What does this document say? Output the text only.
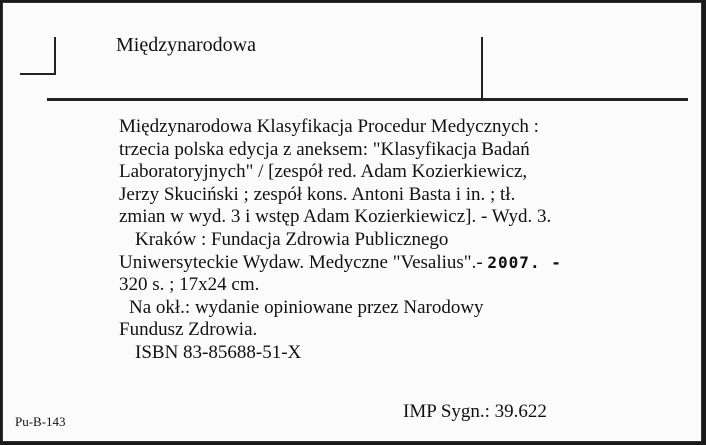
Międzynarodowa
Międzynarodowa Klasyfikacja Procedur Medycznych :
trzecia polska edycja z aneksem: "Klasyfikacja Badań
Laboratoryjnych" / [zespół red. Adam Kozierkiewicz,
Jerzy Skuciński ; zespół kons. Antoni Basta i in. ; tł.
zmian w wyd. 3 i wstęp Adam Kozierkiewicz]. - Wyd. 3.
Kraków : Fundacja Zdrowia Publicznego
Uniwersyteckie Wydaw. Medyczne "Vesalius".- 2007. -
320 s. ; 17x24 cm.
Na okł.: wydanie opiniowane przez Narodowy
Fundusz Zdrowia.
ISBN 83-85688-51-X
Pu-B-143	IMP Sygn.: 39.622
